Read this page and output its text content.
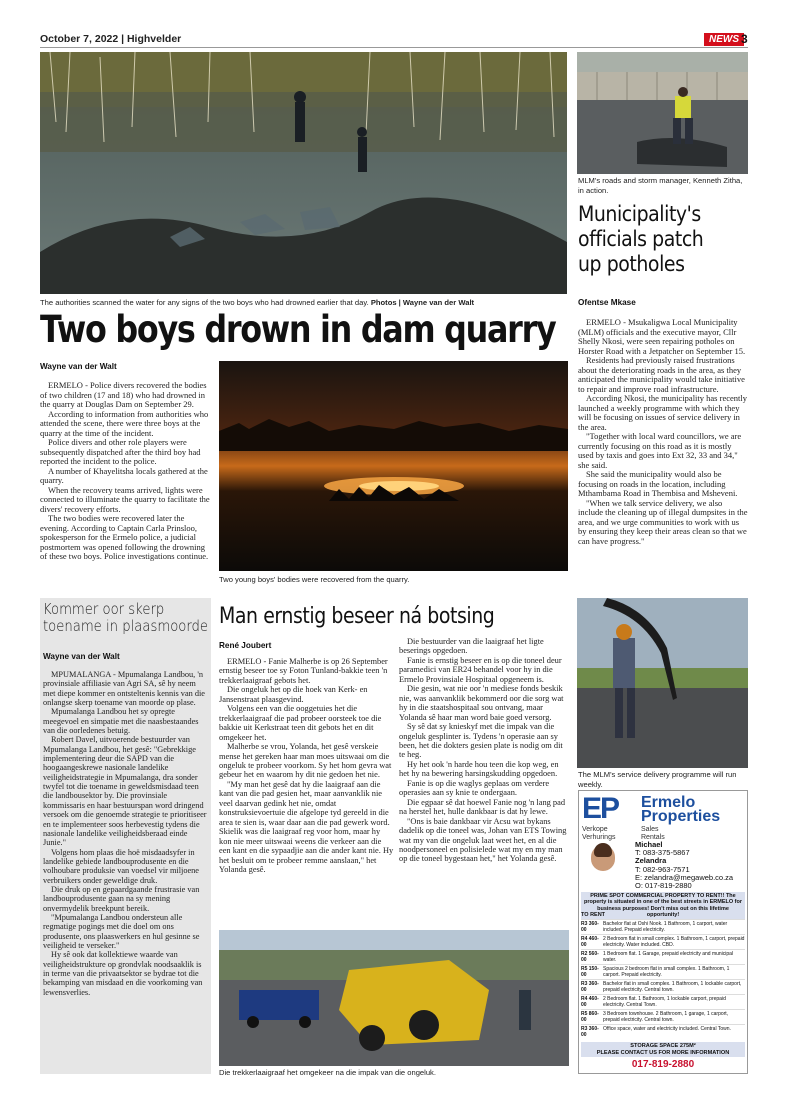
October 7, 2022 | Highvelder	NEWS 3
The authorities scanned the water for any signs of the two boys who had drowned earlier that day. Photos | Wayne van der Walt
Two boys drown in dam quarry
Wayne van der Walt

ERMELO - Police divers recovered the bodies of two children (17 and 18) who had drowned in the quarry at Douglas Dam on September 29.

According to information from authorities who attended the scene, there were three boys at the quarry at the time of the incident.

Police divers and other role players were subsequently dispatched after the third boy had reported the incident to the police.

A number of Khayelitsha locals gathered at the quarry.

When the recovery teams arrived, lights were connected to illuminate the quarry to facilitate the divers' recovery efforts.

The two bodies were recovered later the evening. According to Captain Carla Prinsloo, spokesperson for the Ermelo police, a judicial postmortem was opened following the drowning of these two boys. Police investigations continue.

Two young boys' bodies were recovered from the quarry.
MLM's roads and storm manager, Kenneth Zitha, in action.
Municipality's
officials patch
up potholes
Ofentse Mkase

ERMELO - Msukaligwa Local Municipality (MLM) officials and the executive mayor, Cllr Shelly Nkosi, were seen repairing potholes on Horster Road with a Jetpatcher on September 15.

Residents had previously raised frustrations about the deteriorating roads in the area, as they anticipated the municipality would take initiative to repair and improve road infrastructure.

According Nkosi, the municipality has recently launched a weekly programme with which they will be focusing on issues of service delivery in the area.

"Together with local ward councillors, we are currently focusing on this road as it is mostly used by taxis and goes into Ext 32, 33 and 34," she said.

She said the municipality would also be focusing on roads in the location, including Mthambama Road in Thembisa and Msheveni.

"When we talk service delivery, we also include the cleaning up of illegal dumpsites in the area, and we urge communities to work with us by ensuring they keep their areas clean so that we can have progress."

The MLM's service delivery programme will run weekly.
Kommer oor skerp
toename in plaasmoorde
Wayne van der Walt

MPUMALANGA - Mpumalanga Landbou, 'n provinsiale affiliasie van Agri SA, sê hy neem met diepe kommer en ontsteltenis kennis van die onlangse skerp toename van moorde op plase.

Mpumalanga Landbou het sy opregte meegevoel en simpatie met die naasbestaandes van die oorledenes betuig.

Robert Davel, uitvoerende bestuurder van Mpumalanga Landbou, het gesê: "Gebrekkige implementering deur die SAPD van die hoogaangeskrewe nasionale landelike veiligheidstrategie in Mpumalanga, dra sonder twyfel tot die toename in geweldsmisdaad teen die landbousektor by. Die provinsiale kommissaris en haar bestuurspan word dringend versoek om die genoemde strategie te prioritiseer en te implementeer soos herbevestig tydens die nasionale landelike veiligheidsberaad einde Junie."

Volgens hom plaas die hoë misdaadsyfer in landelike gebiede landbouprodusente en die volhoubare produksie van voedsel vir miljoene verbruikers onder geweldige druk.

Die druk op en gepaardgaande frustrasie van landbouprodusente gaan na sy mening onvermydelik breekpunt bereik.

"Mpumalanga Landbou ondersteun alle regmatige pogings met die doel om ons produsente, ons plaaswerkers en hul gesinne se veiligheid te verseker."

Hy sê ook dat kollektiewe waarde van veiligheidstrukture op grondvlak noodsaaklik is in terme van die privaatsektor se bydrae tot die bekamping van misdaad en die voorkoming van lewensverlies.

Man ernstig beseer ná botsing
René Joubert

ERMELO - Fanie Malherbe is op 26 September ernstig beseer toe sy Foton Tunland-bakkie teen 'n trekkerlaaigraaf gebots het.

Die ongeluk het op die hoek van Kerk- en Jansenstraat plaasgevind.

Volgens een van die ooggetuies het die trekkerlaaigraaf die pad probeer oorsteek toe die bakkie uit Kerkstraat teen dit gebots het en dit omgekeer het.

Malherbe se vrou, Yolanda, het gesê verskeie mense het gereken haar man moes uitswaai om die ongeluk te probeer voorkom. Sy het hom gevra wat gebeur het en waarom hy dit nie gedoen het nie.

"My man het gesê dat hy die laaigraaf aan die kant van die pad gesien het, maar aanvanklik nie veel daarvan gedink het nie, omdat konstruksievoertuie die afgelope tyd gereeld in die area te sien is, waar daar aan die pad gewerk word. Skielik was die laaigraaf reg voor hom, maar hy kon nie meer uitswaai weens die verkeer aan die een kant en die sypaadjie aan die ander kant nie. Hy het besluit om te probeer remme aanslaan," het Yolanda gesê.

Die bestuurder van die laaigraaf het ligte beserings opgedoen.

Fanie is ernstig beseer en is op die toneel deur paramedici van ER24 behandel voor hy in die Ermelo Provinsiale Hospitaal opgeneem is.

Die gesin, wat nie oor 'n mediese fonds beskik nie, was aanvanklik bekommerd oor die sorg wat hy in die staatshospitaal sou ontvang, maar Yolanda sê haar man word baie goed versorg.

Sy sê dat sy knieskyf met die impak van die ongeluk gesplinter is. Tydens 'n operasie aan sy been, het die dokters gesien plate is nodig om dit te heg.

Hy het ook 'n harde hou teen die kop weg, en het hy na bewering harsingskudding opgedoen.

Fanie is op die waglys geplaas om verdere operasies aan sy knie te ondergaan.

Die egpaar sê dat hoewel Fanie nog 'n lang pad na herstel het, hulle dankbaar is dat hy lewe.

"Ons is baie dankbaar vir Acsu wat bykans dadelik op die toneel was, Johan van ETS Towing wat my van die ongeluk laat weet het, en al die noodpersoneel en polisielede wat my en my man op die toneel bygestaan het," het Yolanda gesê.

Die trekkerlaaigraaf het omgekeer na die impak van die ongeluk.
EP Ermelo
Properties
Verkope
Verhurings
Sales
Rentals
Michael
T: 083-375-5867
Zelandra
T: 082-963-7571
E: zelandra@megaweb.co.za
O: 017-819-2880
PRIME SPOT COMMERCIAL PROPERTY TO RENT!! The property is situated in one of the best streets in ERMELO for business purposes! Don't miss out on this lifetime opportunity!
TO RENT
R3 360-00
Bachelor flat at Oshi Nook. 1 Bathroom, 1 carport, water included. Prepaid electricity.
R4 460-00
2 Bedroom flat in small complex. 1 Bathroom, 1 carport, prepaid electricity. Water included. CBD.
R2 560-00
1 Bedroom flat. 1 Garage, prepaid electricity and municipal water.
R5 150-00
Spacious 2 bedroom flat in small complex. 1 Bathroom, 1 carport. Prepaid electricity.
R3 360-00
Bachelor flat in small complex. 1 Bathroom, 1 lockable carport, prepaid electricity. Central town.
R4 460-00
2 Bedroom flat. 1 Bathroom, 1 lockable carport, prepaid electricity. Central Town.
R5 860-00
3 Bedroom townhouse. 2 Bathroom, 1 garage, 1 carport, prepaid electricity. Central town.
R3 360-00
Office space, water and electricity included. Central Town.
STORAGE SPACE 275M²
PLEASE CONTACT US FOR MORE INFORMATION
017-819-2880
